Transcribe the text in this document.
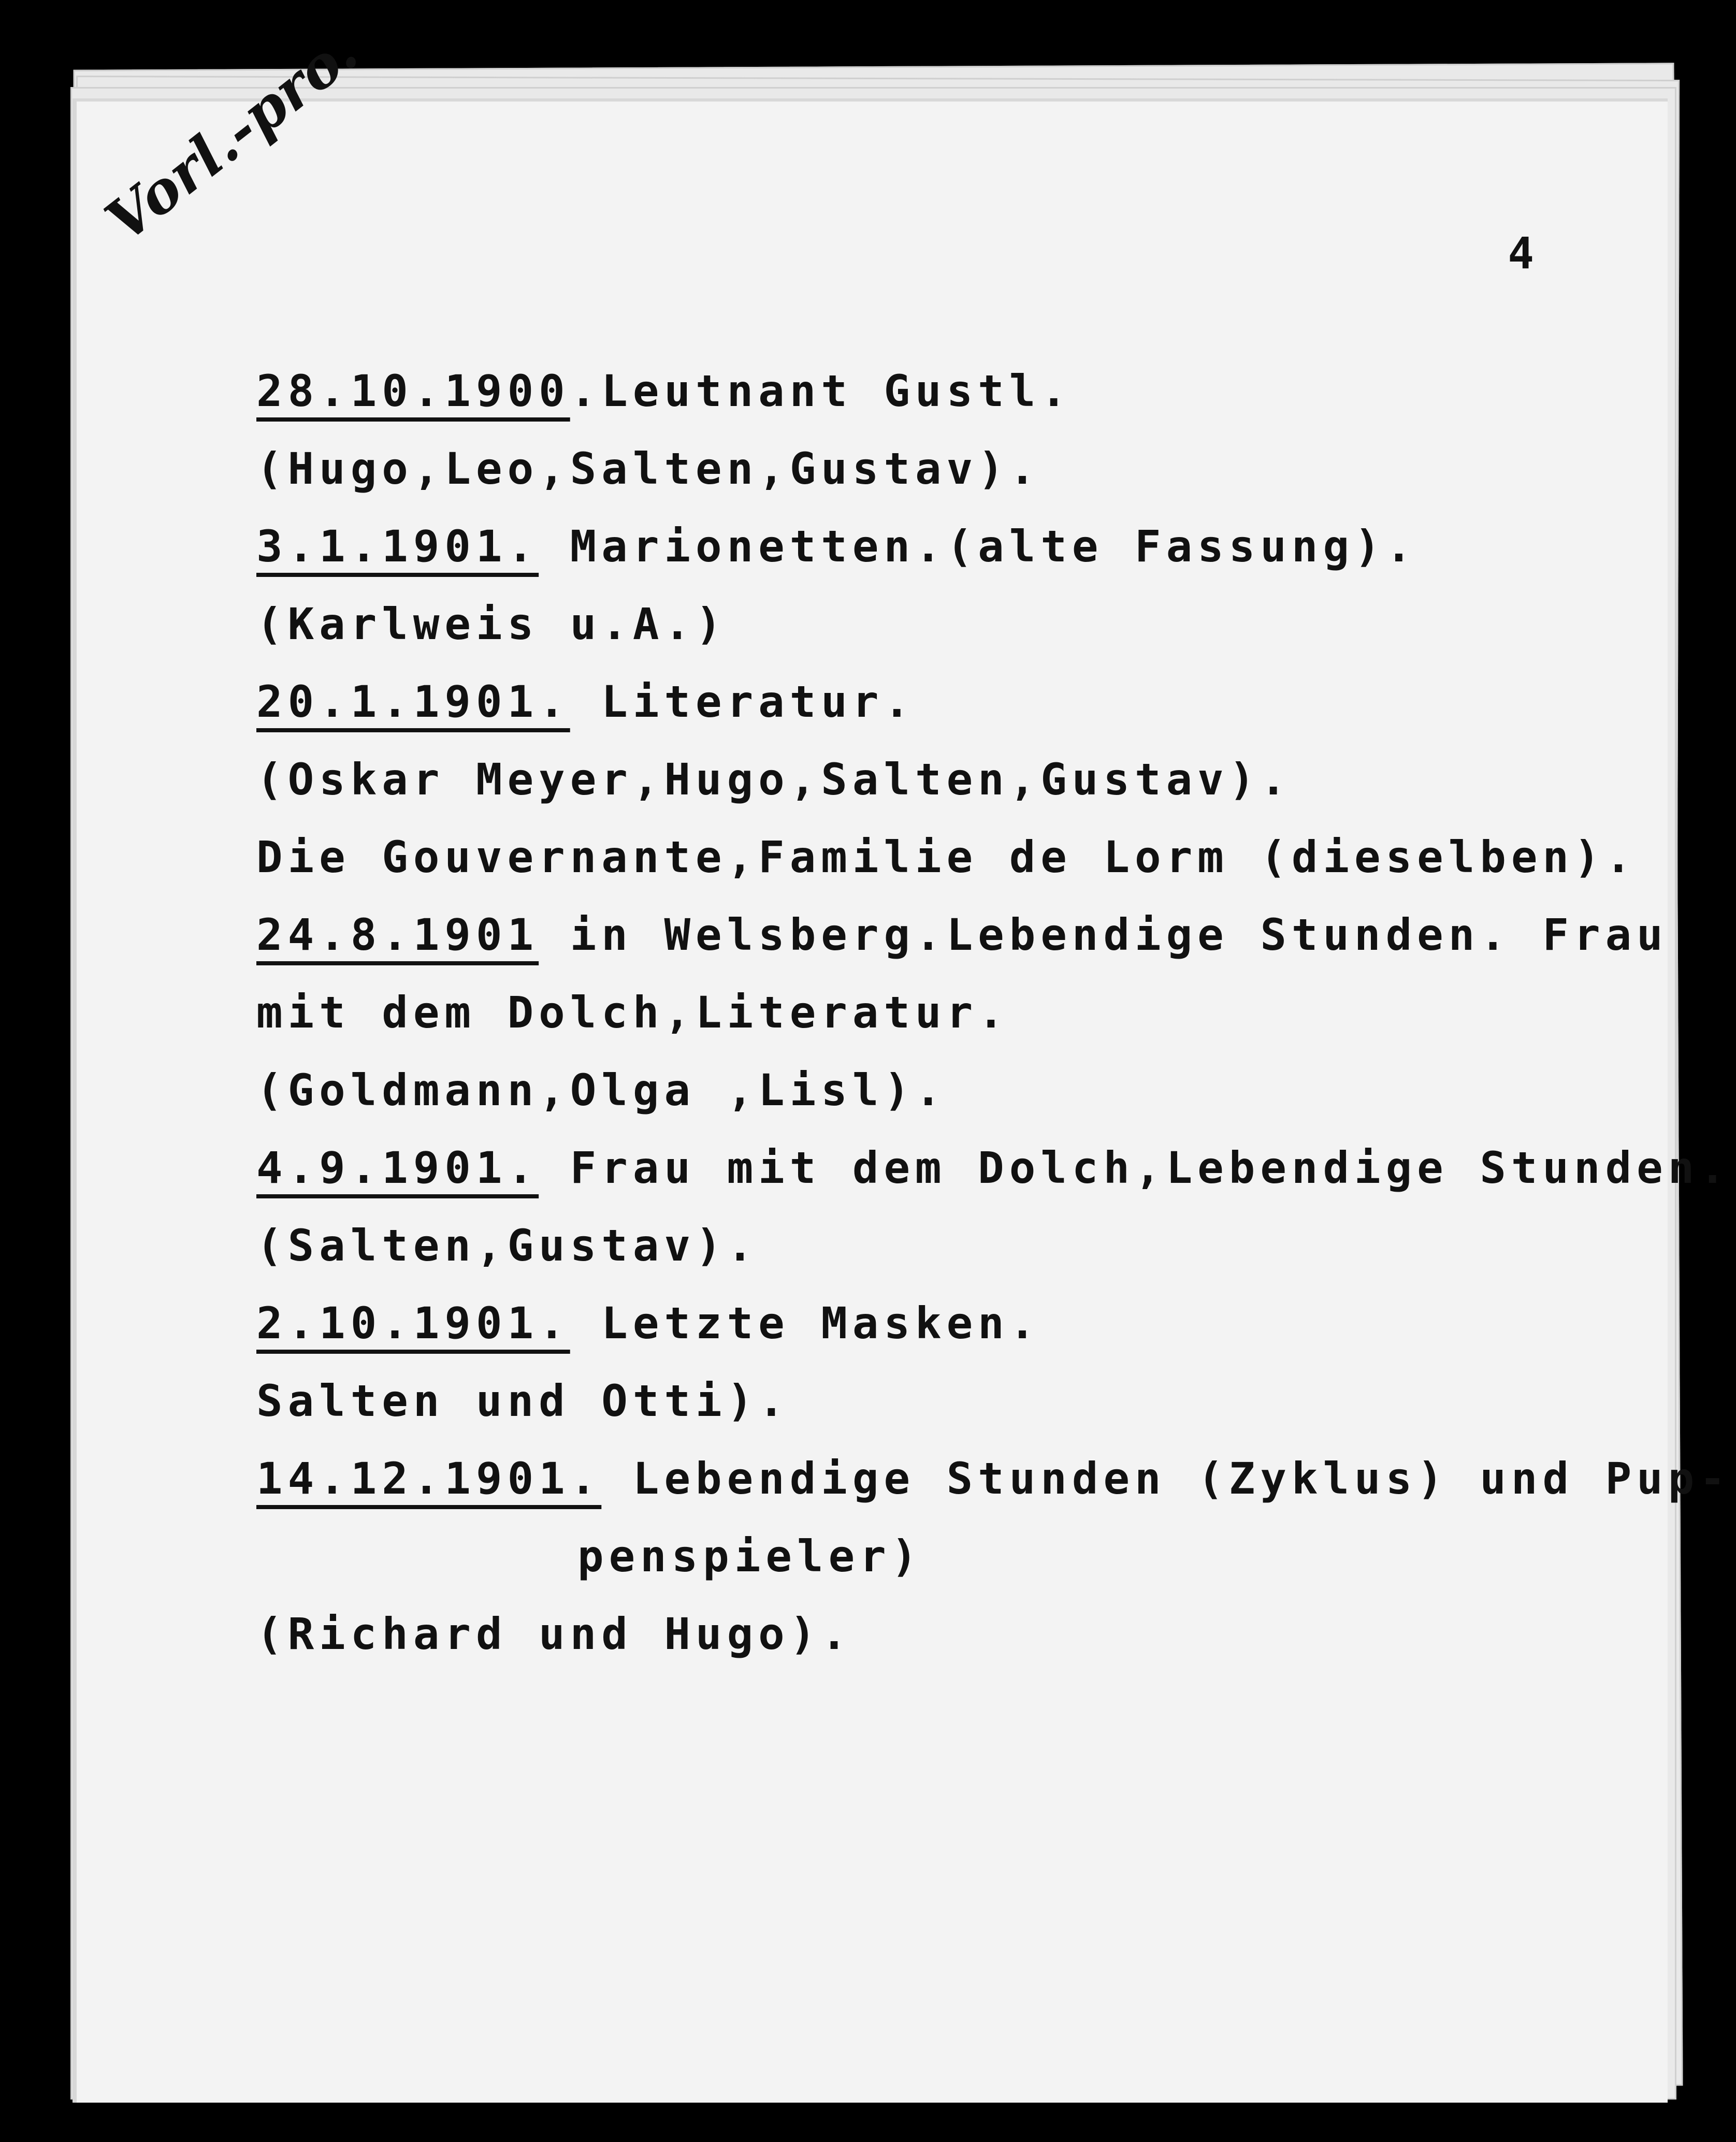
Vorl.-pro.	4
28.10.1900.Leutnant Gustl.
(Hugo,Leo,Salten,Gustav).
3.1.1901. Marionetten.(alte Fassung).
(Karlweis u.A.)
20.1.1901. Literatur.
(Oskar Meyer,Hugo,Salten,Gustav).
Die Gouvernante,Familie de Lorm (dieselben).
24.8.1901 in Welsberg.Lebendige Stunden. Frau
mit dem Dolch,Literatur.
(Goldmann,Olga ,Lisl).
4.9.1901. Frau mit dem Dolch,Lebendige Stunden.
(Salten,Gustav).
2.10.1901. Letzte Masken.
Salten und Otti).
14.12.1901. Lebendige Stunden (Zyklus) und Pup-
penspieler)
(Richard und Hugo).
